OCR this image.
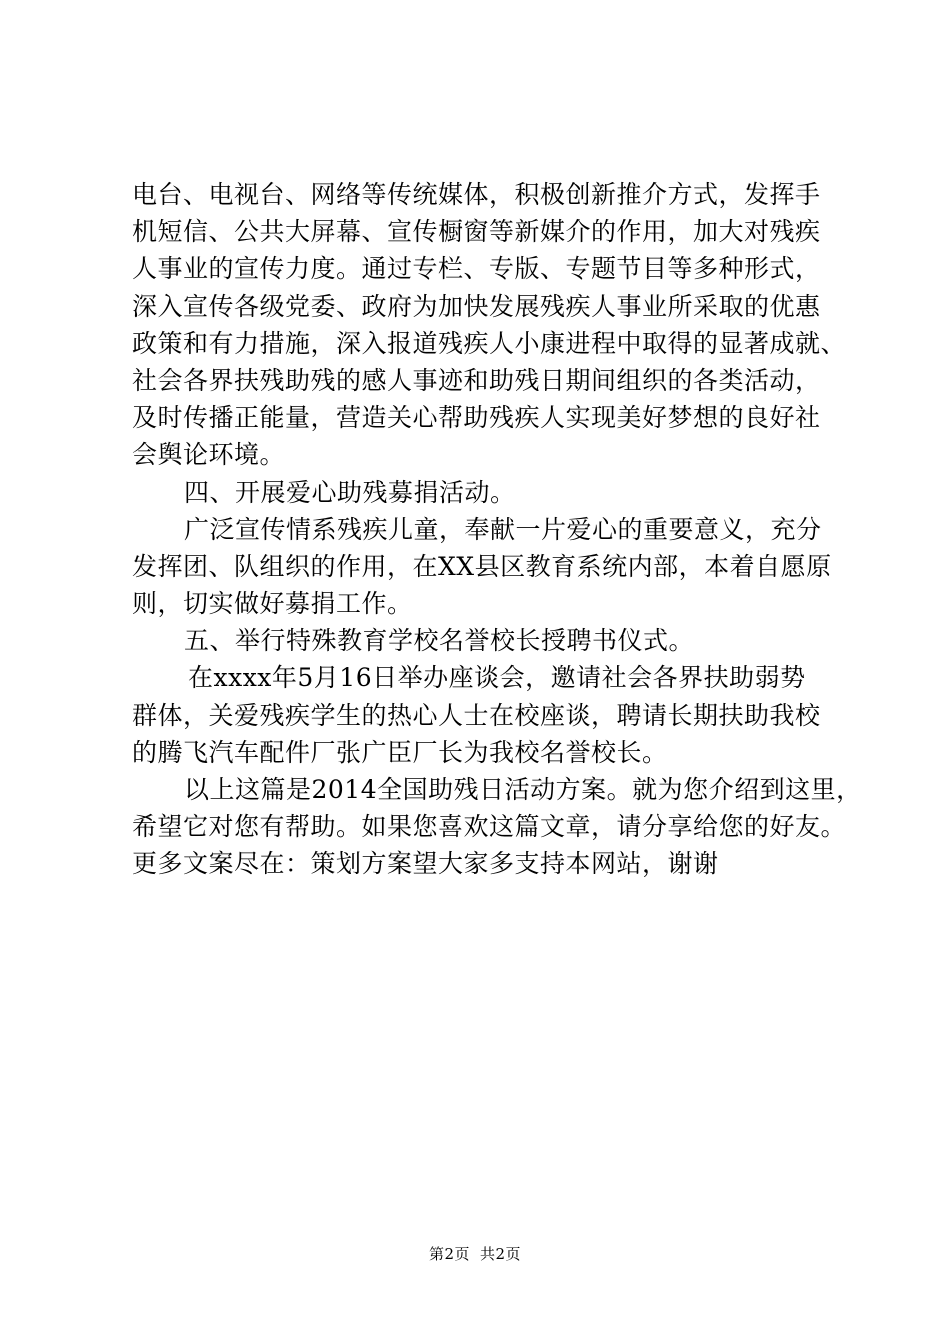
电台、电视台、网络等传统媒体，积极创新推介方式，发挥手
机短信、公共大屏幕、宣传橱窗等新媒介的作用，加大对残疾
人事业的宣传力度。通过专栏、专版、专题节目等多种形式，
深入宣传各级党委、政府为加快发展残疾人事业所采取的优惠
政策和有力措施，深入报道残疾人小康进程中取得的显著成就、
社会各界扶残助残的感人事迹和助残日期间组织的各类活动，
及时传播正能量，营造关心帮助残疾人实现美好梦想的良好社
会舆论环境。
四、开展爱心助残募捐活动。
广泛宣传情系残疾儿童，奉献一片爱心的重要意义，充分
发挥团、队组织的作用，在XX县区教育系统内部，本着自愿原
则，切实做好募捐工作。
五、举行特殊教育学校名誉校长授聘书仪式。
在xxxx年5月16日举办座谈会，邀请社会各界扶助弱势
群体，关爱残疾学生的热心人士在校座谈，聘请长期扶助我校
的腾飞汽车配件厂张广臣厂长为我校名誉校长。
以上这篇是2014全国助残日活动方案。就为您介绍到这里，
希望它对您有帮助。如果您喜欢这篇文章，请分享给您的好友。
更多文案尽在：策划方案望大家多支持本网站，谢谢
第2页 共2页
